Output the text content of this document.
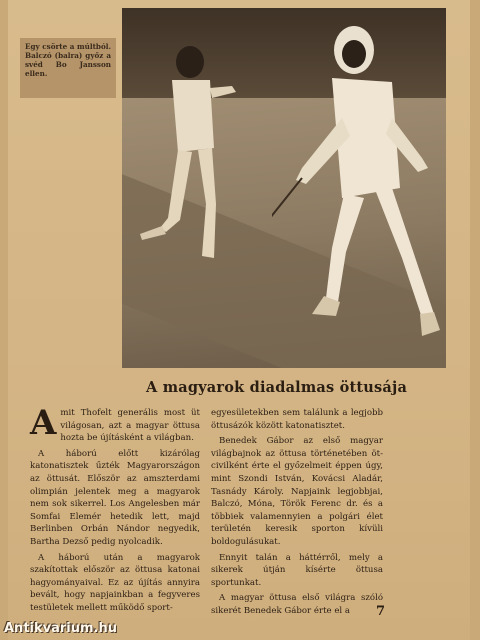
Egy csörte a múltból. Balczó (balra) győz a svéd Bo Jansson ellen.
A magyarok diadalmas öttusája

Amit Thofelt generális most üt világosan, azt a magyar öttusa hozta be újításként a világban.

A háború előtt kizárólag katonatisztek űzték Magyarországon az öttusát. Először az amszterdami olimpián jelentek meg a magyarok nem sok sikerrel. Los Angelesben már Somfai Elemér hetedik lett, majd Berlinben Orbán Nándor negyedik, Bartha Dezső pedig nyolcadik.

A háború után a magyarok szakítottak először az öttusa katonai hagyományaival. Ez az újítás annyira bevált, hogy napjainkban a fegyveres testületek mellett működő sport-

egyesületekben sem találunk a legjobb öttusázók között katonatisztet.

Benedek Gábor az első magyar világbajnok az öttusa történetében öt-civilként érte el győzelmeit éppen úgy, mint Szondi István, Kovácsi Aladár, Tasnády Károly. Napjaink legjobbjai, Balczó, Móna, Török Ferenc dr. és a többiek valamennyien a polgári élet területén keresik sporton kívüli boldogulásukat.

Ennyit talán a háttérről, mely a sikerek útján kísérte öttusa sportunkat.

A magyar öttusa első világra szóló sikerét Benedek Gábor érte el a	7
Antikvarium.hu
